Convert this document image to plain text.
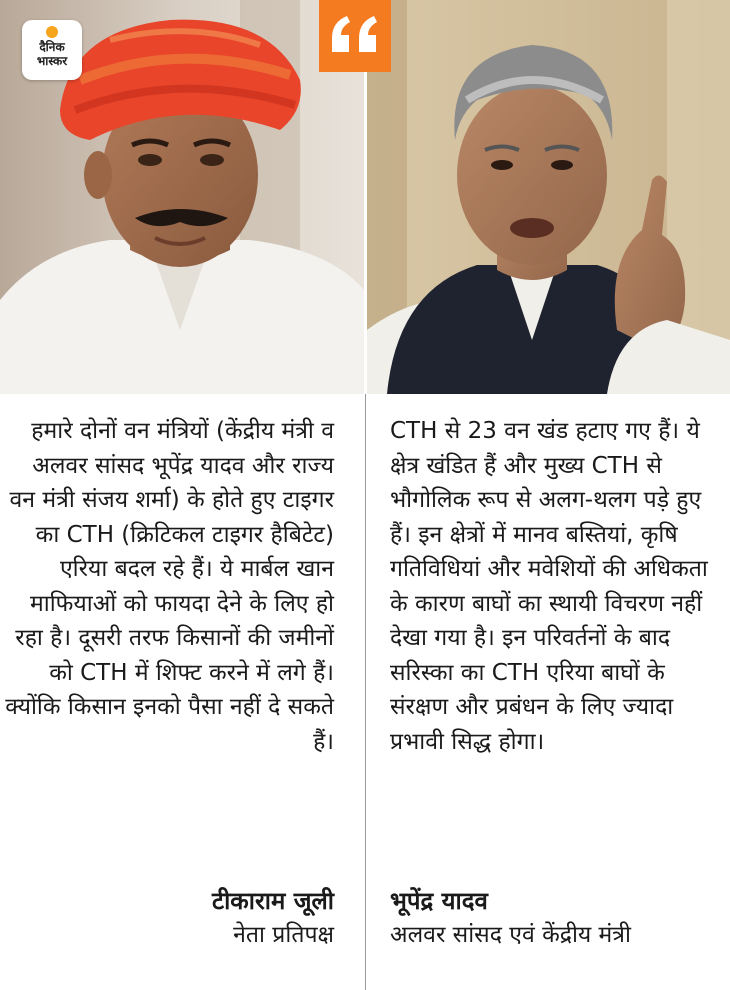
दैनिक
भास्कर

हमारे दोनों वन मंत्रियों (केंद्रीय मंत्री व अलवर सांसद भूपेंद्र यादव और राज्य वन मंत्री संजय शर्मा) के होते हुए टाइगर का CTH (क्रिटिकल टाइगर हैबिटेट) एरिया बदल रहे हैं। ये मार्बल खान माफियाओं को फायदा देने के लिए हो रहा है। दूसरी तरफ किसानों की जमीनों को CTH में शिफ्ट करने में लगे हैं। क्योंकि किसान इनको पैसा नहीं दे सकते हैं।

CTH से 23 वन खंड हटाए गए हैं। ये क्षेत्र खंडित हैं और मुख्य CTH से भौगोलिक रूप से अलग-थलग पड़े हुए हैं। इन क्षेत्रों में मानव बस्तियां, कृषि गतिविधियां और मवेशियों की अधिकता के कारण बाघों का स्थायी विचरण नहीं देखा गया है। इन परिवर्तनों के बाद सरिस्का का CTH एरिया बाघों के संरक्षण और प्रबंधन के लिए ज्यादा प्रभावी सिद्ध होगा।

टीकाराम जूली

नेता प्रतिपक्ष

भूपेंद्र यादव

अलवर सांसद एवं केंद्रीय मंत्री
